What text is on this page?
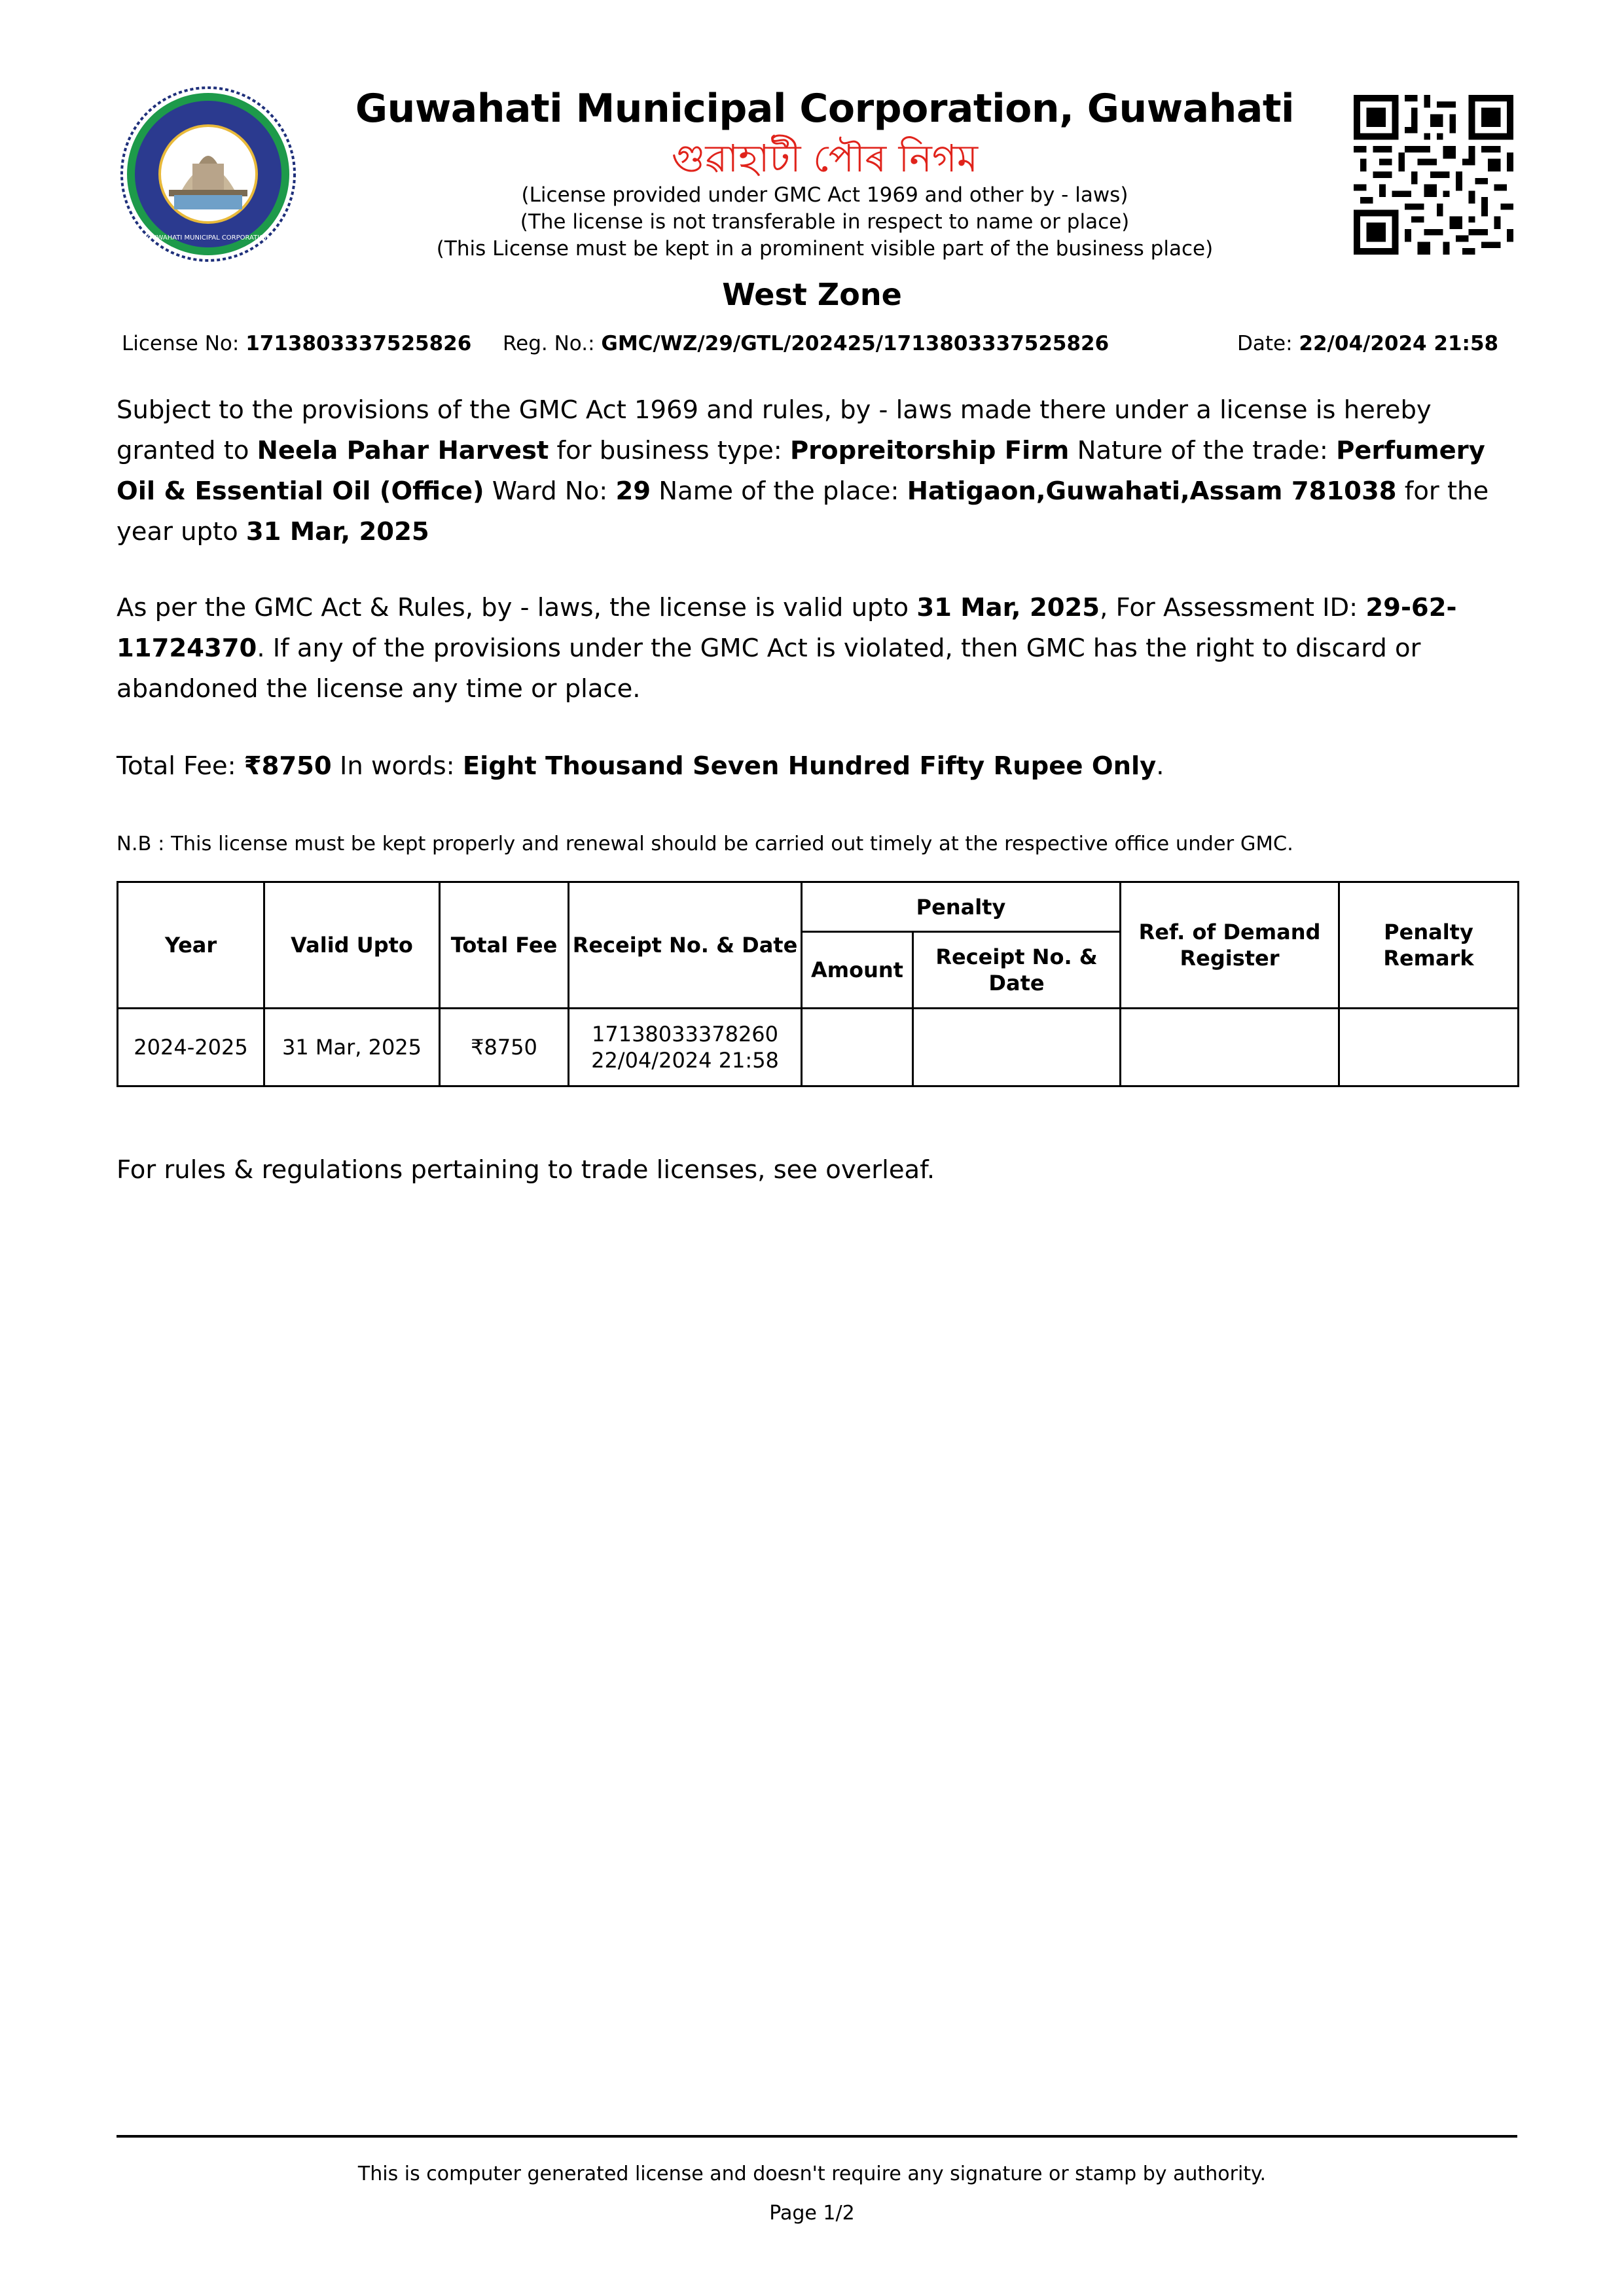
GUWAHATI MUNICIPAL CORPORATION
Guwahati Municipal Corporation, Guwahati
গুৱাহাটী পৌৰ নিগম
(License provided under GMC Act 1969 and other by - laws)
(The license is not transferable in respect to name or place)
(This License must be kept in a prominent visible part of the business place)
West Zone
License No: 1713803337525826 Reg. No.: GMC/WZ/29/GTL/202425/1713803337525826	Date: 22/04/2024 21:58
Subject to the provisions of the GMC Act 1969 and rules, by - laws made there under a license is hereby granted to Neela Pahar Harvest for business type: Propreitorship Firm Nature of the trade: Perfumery Oil & Essential Oil (Office) Ward No: 29 Name of the place: Hatigaon,Guwahati,Assam 781038 for the year upto 31 Mar, 2025
As per the GMC Act & Rules, by - laws, the license is valid upto 31 Mar, 2025, For Assessment ID: 29-62-11724370. If any of the provisions under the GMC Act is violated, then GMC has the right to discard or abandoned the license any time or place.
Total Fee: ₹8750 In words: Eight Thousand Seven Hundred Fifty Rupee Only.
N.B : This license must be kept properly and renewal should be carried out timely at the respective office under GMC.
Year	Valid Upto	Total Fee	Receipt No. & Date	Penalty		Ref. of Demand Register	Penalty Remark
				Amount	Receipt No. & Date		
2024-2025	31 Mar, 2025	₹8750	17138033378260
22/04/2024 21:58				

For rules & regulations pertaining to trade licenses, see overleaf.
This is computer generated license and doesn't require any signature or stamp by authority.
Page 1/2
